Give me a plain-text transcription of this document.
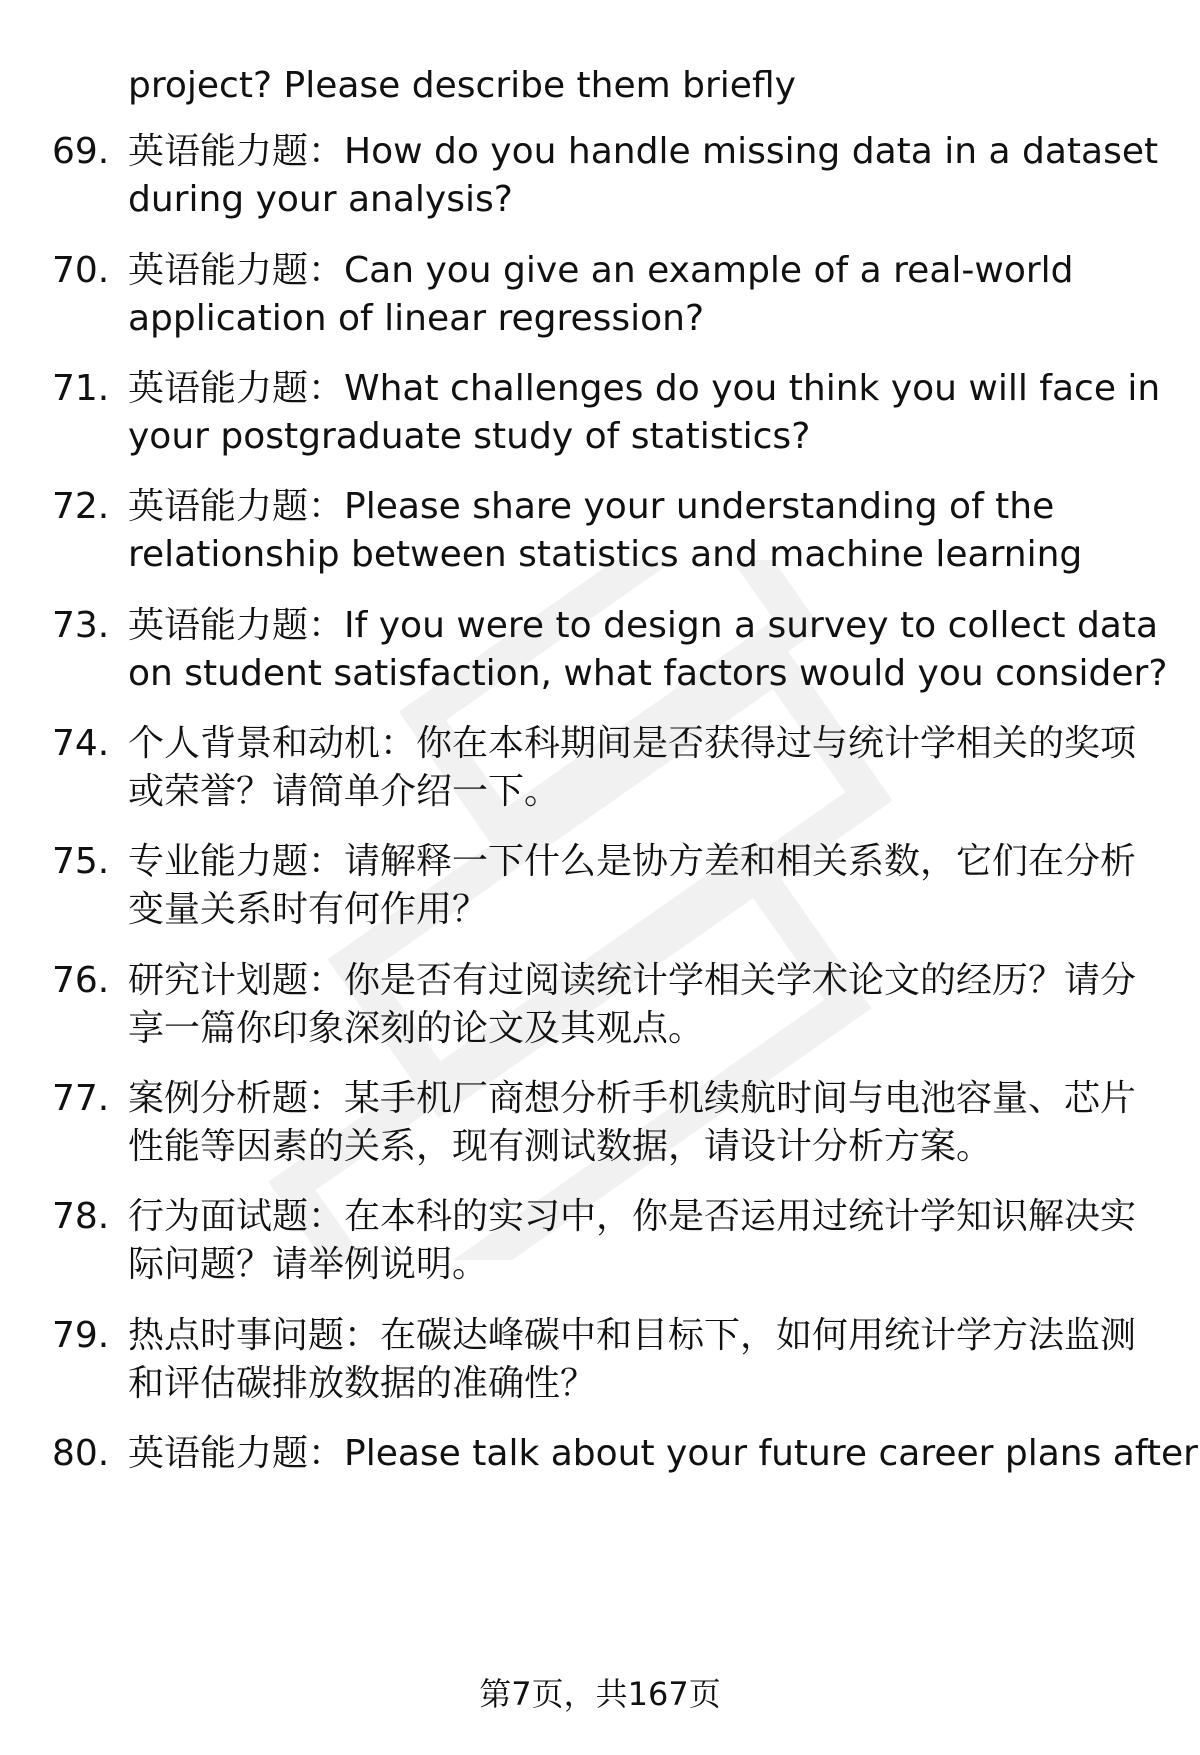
project? Please describe them briefly
69. 英语能力题：How do you handle missing data in a dataset
during your analysis?
70. 英语能力题：Can you give an example of a real-world
application of linear regression?
71. 英语能力题：What challenges do you think you will face in
your postgraduate study of statistics?
72. 英语能力题：Please share your understanding of the
relationship between statistics and machine learning
73. 英语能力题：If you were to design a survey to collect data
on student satisfaction, what factors would you consider?
74. 个人背景和动机：你在本科期间是否获得过与统计学相关的奖项
或荣誉？请简单介绍一下。
75. 专业能力题：请解释一下什么是协方差和相关系数，它们在分析
变量关系时有何作用？
76. 研究计划题：你是否有过阅读统计学相关学术论文的经历？请分
享一篇你印象深刻的论文及其观点。
77. 案例分析题：某手机厂商想分析手机续航时间与电池容量、芯片
性能等因素的关系，现有测试数据，请设计分析方案。
78. 行为面试题：在本科的实习中，你是否运用过统计学知识解决实
际问题？请举例说明。
79. 热点时事问题：在碳达峰碳中和目标下，如何用统计学方法监测
和评估碳排放数据的准确性？
80. 英语能力题：Please talk about your future career plans after
第7页，共167页
